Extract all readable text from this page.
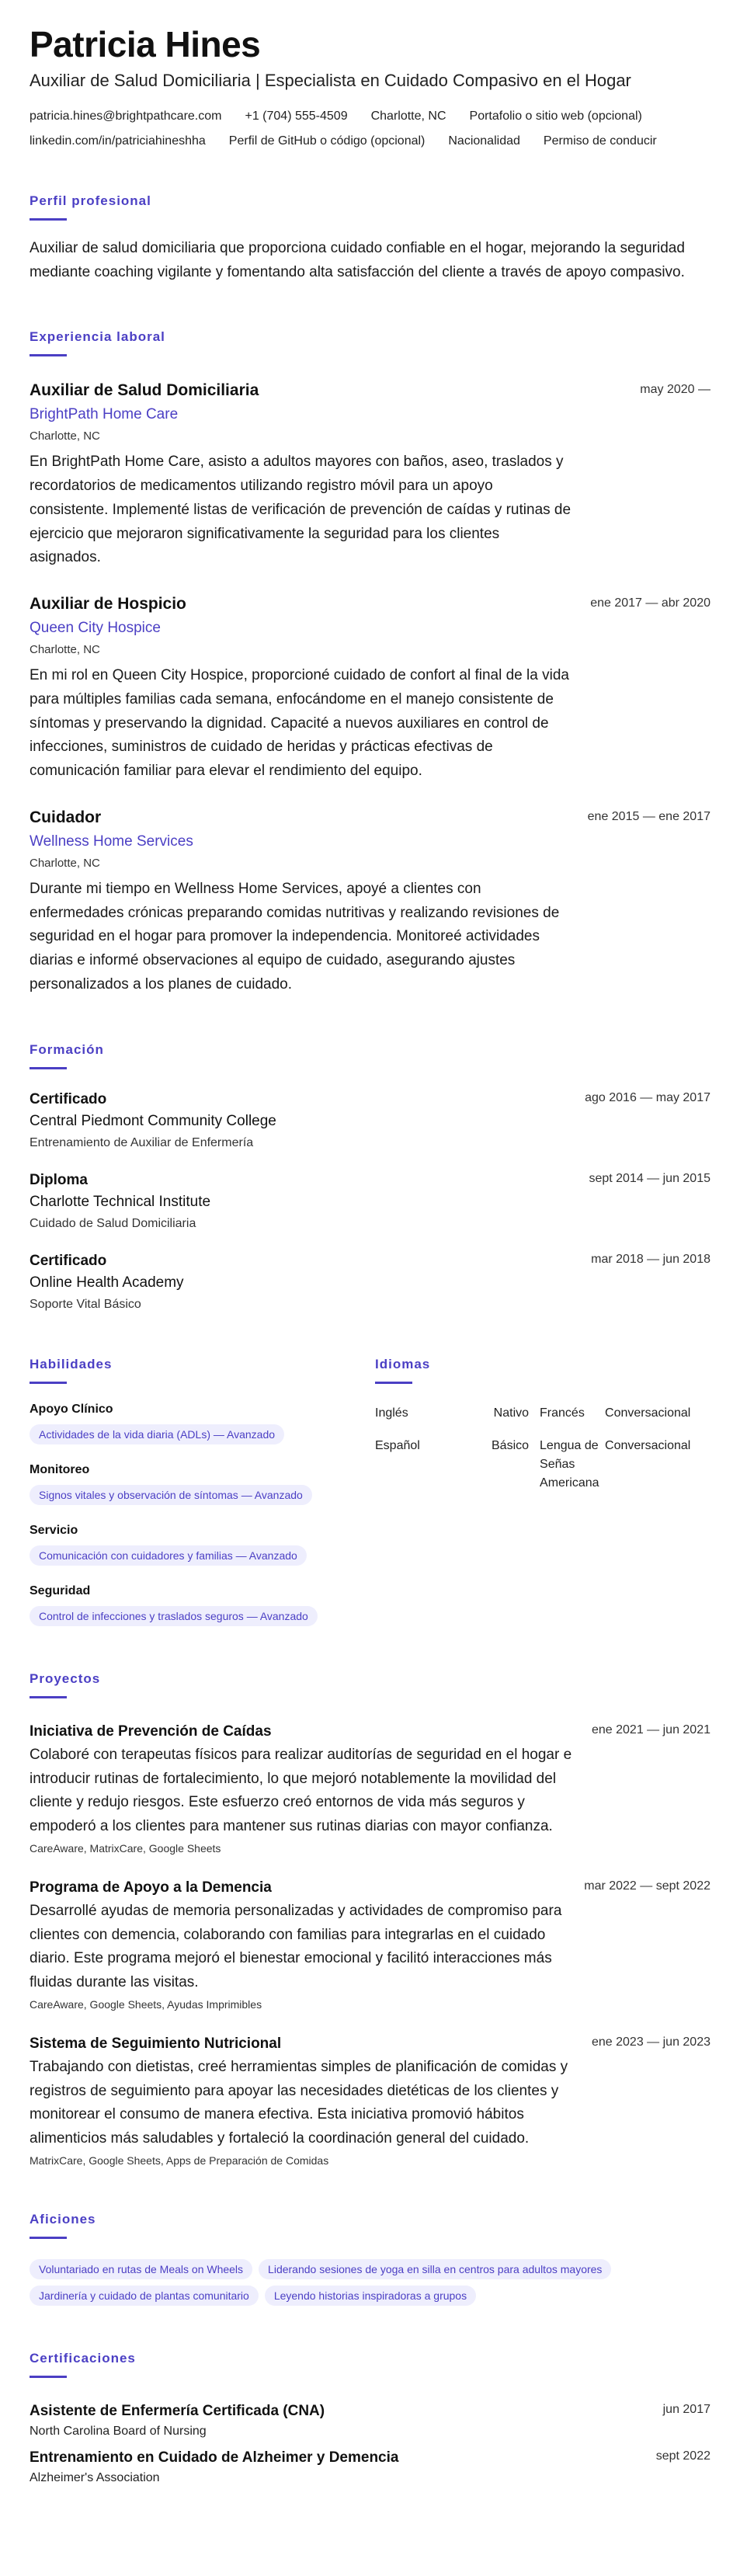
Patricia Hines
Auxiliar de Salud Domiciliaria | Especialista en Cuidado Compasivo en el Hogar
patricia.hines@brightpathcare.com +1 (704) 555-4509 Charlotte, NC Portafolio o sitio web (opcional)
linkedin.com/in/patriciahineshha Perfil de GitHub o código (opcional) Nacionalidad Permiso de conducir
Perfil profesional

Auxiliar de salud domiciliaria que proporciona cuidado confiable en el hogar, mejorando la seguridad mediante coaching vigilante y fomentando alta satisfacción del cliente a través de apoyo compasivo.

Experiencia laboral
Auxiliar de Salud Domiciliaria	may 2020 —
BrightPath Home Care
Charlotte, NC

En BrightPath Home Care, asisto a adultos mayores con baños, aseo, traslados y recordatorios de medicamentos utilizando registro móvil para un apoyo consistente. Implementé listas de verificación de prevención de caídas y rutinas de ejercicio que mejoraron significativamente la seguridad para los clientes asignados.

Auxiliar de Hospicio	ene 2017 — abr 2020
Queen City Hospice
Charlotte, NC

En mi rol en Queen City Hospice, proporcioné cuidado de confort al final de la vida para múltiples familias cada semana, enfocándome en el manejo consistente de síntomas y preservando la dignidad. Capacité a nuevos auxiliares en control de infecciones, suministros de cuidado de heridas y prácticas efectivas de comunicación familiar para elevar el rendimiento del equipo.

Cuidador	ene 2015 — ene 2017
Wellness Home Services
Charlotte, NC

Durante mi tiempo en Wellness Home Services, apoyé a clientes con enfermedades crónicas preparando comidas nutritivas y realizando revisiones de seguridad en el hogar para promover la independencia. Monitoreé actividades diarias e informé observaciones al equipo de cuidado, asegurando ajustes personalizados a los planes de cuidado.

Formación
Certificado	ago 2016 — may 2017
Central Piedmont Community College
Entrenamiento de Auxiliar de Enfermería
Diploma	sept 2014 — jun 2015
Charlotte Technical Institute
Cuidado de Salud Domiciliaria
Certificado	mar 2018 — jun 2018
Online Health Academy
Soporte Vital Básico
Habilidades
Apoyo Clínico
Actividades de la vida diaria (ADLs) — Avanzado
Monitoreo
Signos vitales y observación de síntomas — Avanzado
Servicio
Comunicación con cuidadores y familias — Avanzado
Seguridad
Control de infecciones y traslados seguros — Avanzado
Idiomas
Inglés	Nativo	Francés	Conversacional
Español	Básico	Lengua de Señas Americana	Conversacional
Proyectos
Iniciativa de Prevención de Caídas	ene 2021 — jun 2021

Colaboré con terapeutas físicos para realizar auditorías de seguridad en el hogar e introducir rutinas de fortalecimiento, lo que mejoró notablemente la movilidad del cliente y redujo riesgos. Este esfuerzo creó entornos de vida más seguros y empoderó a los clientes para mantener sus rutinas diarias con mayor confianza.

CareAware, MatrixCare, Google Sheets
Programa de Apoyo a la Demencia	mar 2022 — sept 2022

Desarrollé ayudas de memoria personalizadas y actividades de compromiso para clientes con demencia, colaborando con familias para integrarlas en el cuidado diario. Este programa mejoró el bienestar emocional y facilitó interacciones más fluidas durante las visitas.

CareAware, Google Sheets, Ayudas Imprimibles
Sistema de Seguimiento Nutricional	ene 2023 — jun 2023

Trabajando con dietistas, creé herramientas simples de planificación de comidas y registros de seguimiento para apoyar las necesidades dietéticas de los clientes y monitorear el consumo de manera efectiva. Esta iniciativa promovió hábitos alimenticios más saludables y fortaleció la coordinación general del cuidado.

MatrixCare, Google Sheets, Apps de Preparación de Comidas
Aficiones
Voluntariado en rutas de Meals on Wheels Liderando sesiones de yoga en silla en centros para adultos mayoresJardinería y cuidado de plantas comunitario Leyendo historias inspiradoras a grupos
Certificaciones
Asistente de Enfermería Certificada (CNA)	jun 2017
North Carolina Board of Nursing
Entrenamiento en Cuidado de Alzheimer y Demencia	sept 2022
Alzheimer's Association
